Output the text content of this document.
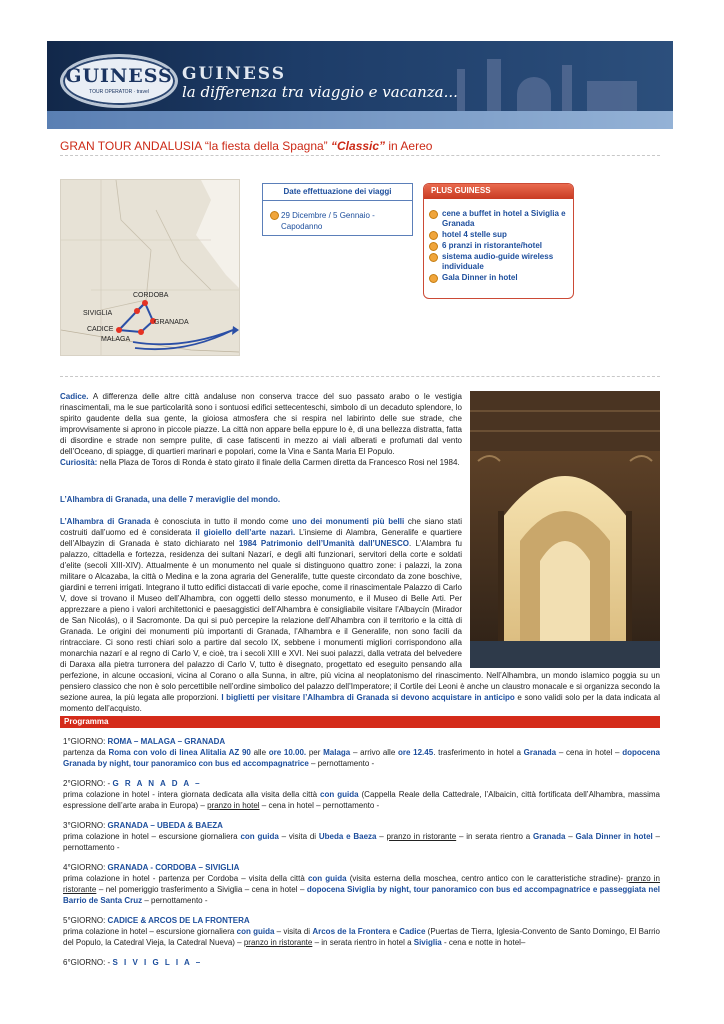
GUINESS
TOUR OPERATOR · travel
GUINESS
la differenza tra viaggio e vacanza...
GRAN TOUR ANDALUSIA “la fiesta della Spagna” “Classic” in Aereo
CORDOBA
SIVIGLIA
GRANADA
CADICE
MALAGA
Date effettuazione dei viaggi
29 Dicembre / 5 Gennaio - Capodanno
PLUS GUINESS
cene a buffet in hotel a Siviglia e Granada
hotel 4 stelle sup
6 pranzi in ristorante/hotel
sistema audio-guide wireless individuale
Gala Dinner in hotel
Cadice. A differenza delle altre città andaluse non conserva tracce del suo passato arabo o le vestigia rinascimentali, ma le sue particolarità sono i sontuosi edifici settecenteschi, simbolo di un decaduto splendore, lo spirito gaudente della sua gente, la gioiosa atmosfera che si respira nel labirinto delle sue strade, che improvvisamente si aprono in piccole piazze. La città non appare bella eppure lo è, di una bellezza distratta, fatta di disordine e strade non sempre pulite, di case fatiscenti in mezzo ai viali alberati e profumati dal vento dell’Oceano, di spiagge, di quartieri marinari e popolari, come la Vina e Santa Maria El Populo.
Curiosità: nella Plaza de Toros di Ronda è stato girato il finale della Carmen diretta da Francesco Rosi nel 1984.
L’Alhambra di Granada, una delle 7 meraviglie del mondo.
L’Alhambra di Granada è conosciuta in tutto il mondo come uno dei monumenti più belli che siano stati costruiti dall’uomo ed è considerata il gioiello dell’arte nazarì. L’insieme di Alambra, Generalife e quartiere dell’Albayzin di Granada è stato dichiarato nel 1984 Patrimonio dell’Umanità dall’UNESCO. L’Alambra fu palazzo, cittadella e fortezza, residenza dei sultani Nazarí, e degli alti funzionari, servitori della corte e soldati d’elite (secoli XIII-XIV). Attualmente è un monumento nel quale si distinguono quattro zone: i palazzi, la zona militare o Alcazaba, la città o Medina e la zona agraria del Generalife, tutte queste circondato da zone boschive, giardini e terreni irrigati. Integrano il tutto edifici distaccati di varie epoche, come il rinascimentale Palazzo di Carlo V, dove si trovano il Museo dell’Alhambra, con oggetti dello stesso monumento, e il Museo di Belle Arti. Per apprezzare a pieno i valori architettonici e paesaggistici dell’Alhambra è consigliabile visitare l’Albaycín (Mirador de San Nicolás), o il Sacromonte. Da qui si può percepire la relazione dell’Alhambra con il territorio e la città di Granada. Le origini dei monumenti più importanti di Granada, l’Alhambra e il Generalife, non sono facili da rintracciare. Ci sono resti chiari solo a partire dal secolo IX, sebbene i monumenti migliori corrispondono alla monarchia nazarí e al regno di Carlo V, e cioè, tra i secoli XIII e XVI. Nei suoi palazzi, dalla vetrata del belvedere di Daraxa alla pietra turronera del palazzo di Carlo V, tutto è disegnato, progettato ed eseguito pensando alla perfezione, in alcune occasioni, vicina al Corano o alla Sunna, in altre, più vicina al neoplatonismo del rinascimento. Nell’Alhambra, un mondo islamico poggia su un pensiero classico che non è solo percettibile nell’ordine simbolico del palazzo dell’Imperatore; il Cortile dei Leoni è anche un claustro monacale e si organizza secondo la sezione aurea, la più legata alle proporzioni. I biglietti per visitare l’Alhambra di Granada si devono acquistare in anticipo e sono validi solo per la data indicata al momento dell’acquisto.
Programma
1°GIORNO: ROMA – MALAGA – GRANADA
partenza da Roma con volo di linea Alitalia AZ 90 alle ore 10.00. per Malaga – arrivo alle ore 12.45. trasferimento in hotel a Granada – cena in hotel – dopocena Granada by night, tour panoramico con bus ed accompagnatrice – pernottamento -
2°GIORNO: - G R A N A D A –
prima colazione in hotel - intera giornata dedicata alla visita della città con guida (Cappella Reale della Cattedrale, l’Albaicin, città fortificata dell’Alhambra, massima espressione dell’arte araba in Europa) – pranzo in hotel – cena in hotel – pernottamento -
3°GIORNO: GRANADA – UBEDA & BAEZA
prima colazione in hotel – escursione giornaliera con guida – visita di Ubeda e Baeza – pranzo in ristorante – in serata rientro a Granada – Gala Dinner in hotel – pernottamento -
4°GIORNO: GRANADA - CORDOBA – SIVIGLIA
prima colazione in hotel - partenza per Cordoba – visita della città con guida (visita esterna della moschea, centro antico con le caratteristiche stradine)- pranzo in ristorante – nel pomeriggio trasferimento a Siviglia – cena in hotel – dopocena Siviglia by night, tour panoramico con bus ed accompagnatrice e passeggiata nel Barrio de Santa Cruz – pernottamento -
5°GIORNO: CADICE & ARCOS DE LA FRONTERA
prima colazione in hotel – escursione giornaliera con guida – visita di Arcos de la Frontera e Cadice (Puertas de Tierra, Iglesia-Convento de Santo Domingo, El Barrio del Populo, la Catedral Vieja, la Catedral Nueva) – pranzo in ristorante – in serata rientro in hotel a Siviglia - cena e notte in hotel–
6°GIORNO: - S I V I G L I A –
